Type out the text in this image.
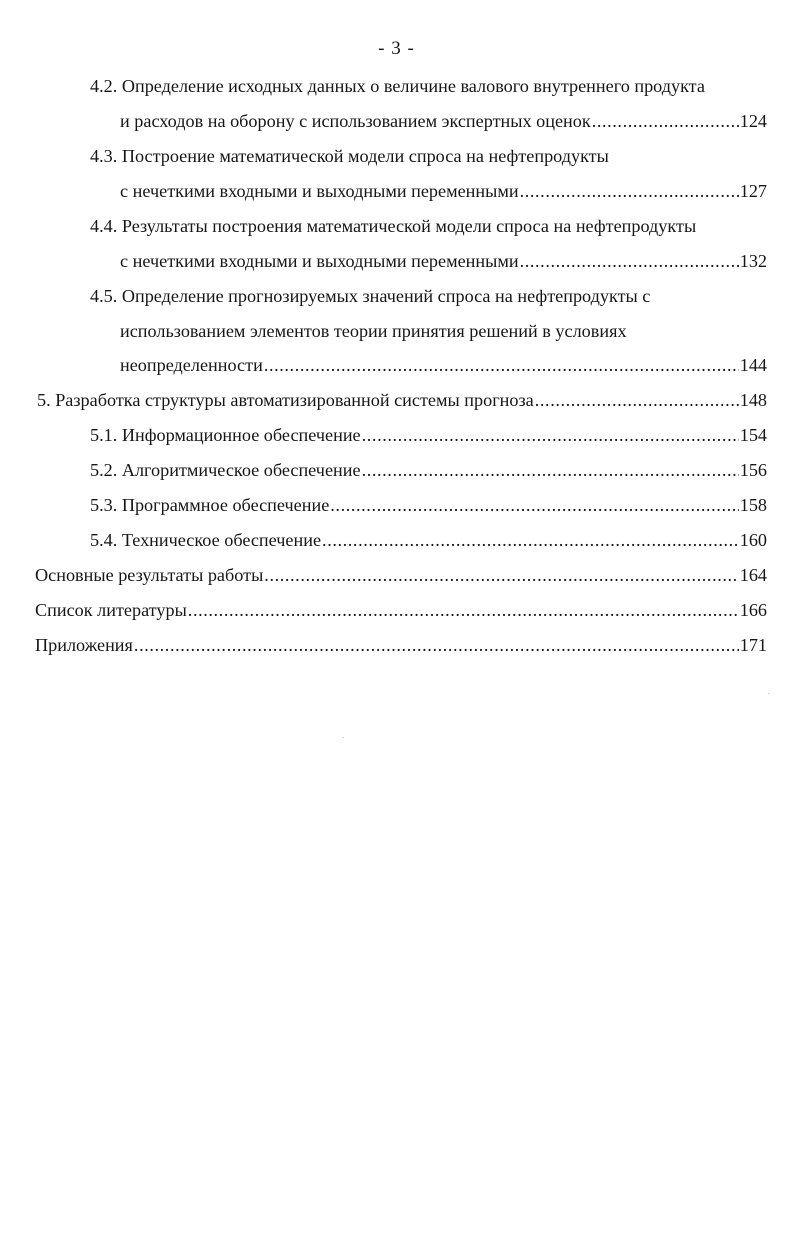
- 3 -
4.2. Определение исходных данных о величине валового внутреннего продукта
и расходов на оборону с использованием экспертных оценок .....	124
4.3. Построение математической модели спроса на нефтепродукты
с нечеткими входными и выходными переменными .....	127
4.4. Результаты построения математической модели спроса на нефтепродукты
с нечеткими входными и выходными переменными .....	132
4.5. Определение прогнозируемых значений спроса на нефтепродукты с
использованием элементов теории принятия решений в условиях
неопределенности .....	144
5. Разработка структуры автоматизированной системы прогноза .....	148
5.1. Информационное обеспечение .....	154
5.2. Алгоритмическое обеспечение .....	156
5.3. Программное обеспечение .....	158
5.4. Техническое обеспечение .....	160
Основные результаты работы .....	164
Список литературы .....	166
Приложения .....	171
